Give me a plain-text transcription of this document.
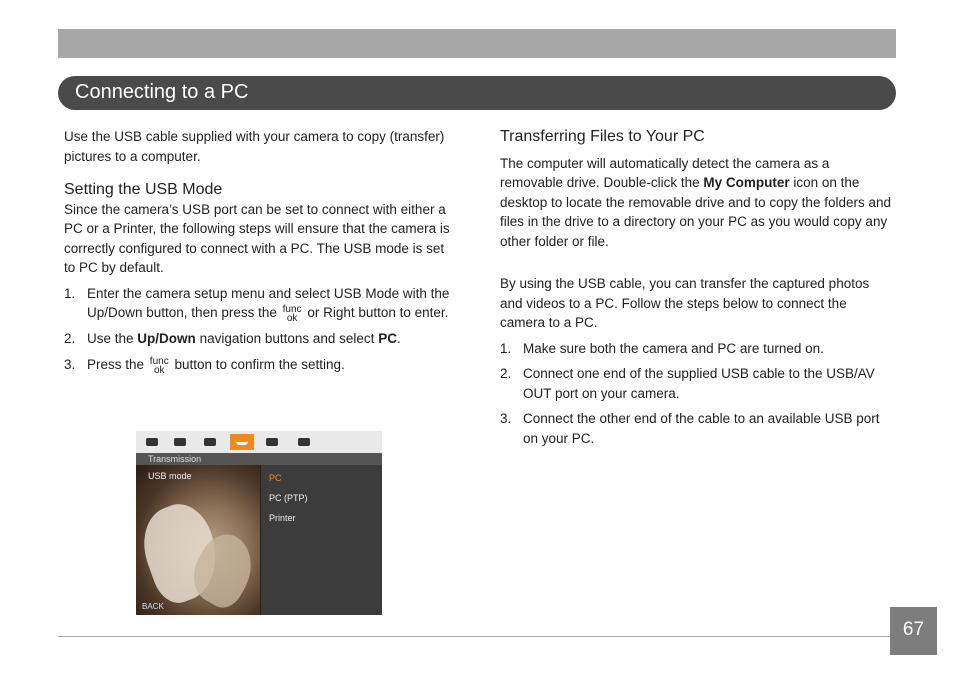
Connecting to a PC

Use the USB cable supplied with your camera to copy (transfer) pictures to a computer.

Setting the USB Mode

Since the camera’s USB port can be set to connect with either a PC or a Printer, the following steps will ensure that the camera is correctly configured to connect with a PC. The USB mode is set to PC by default.

1. Enter the camera setup menu and select USB Mode with the Up/Down button, then press the func
ok or Right button to enter.
2. Use the Up/Down navigation buttons and select PC.
3. Press the func
ok button to confirm the setting.
Transmission
USB mode
BACK
PC
PC (PTP)
Printer
Transferring Files to Your PC

The computer will automatically detect the camera as a removable drive. Double-click the My Computer icon on the desktop to locate the removable drive and to copy the folders and files in the drive to a directory on your PC as you would copy any other folder or file.

By using the USB cable, you can transfer the captured photos and videos to a PC. Follow the steps below to connect the camera to a PC.

1. Make sure both the camera and PC are turned on.
2. Connect one end of the supplied USB cable to the USB/AV OUT port on your camera.
3. Connect the other end of the cable to an available USB port on your PC.
67
